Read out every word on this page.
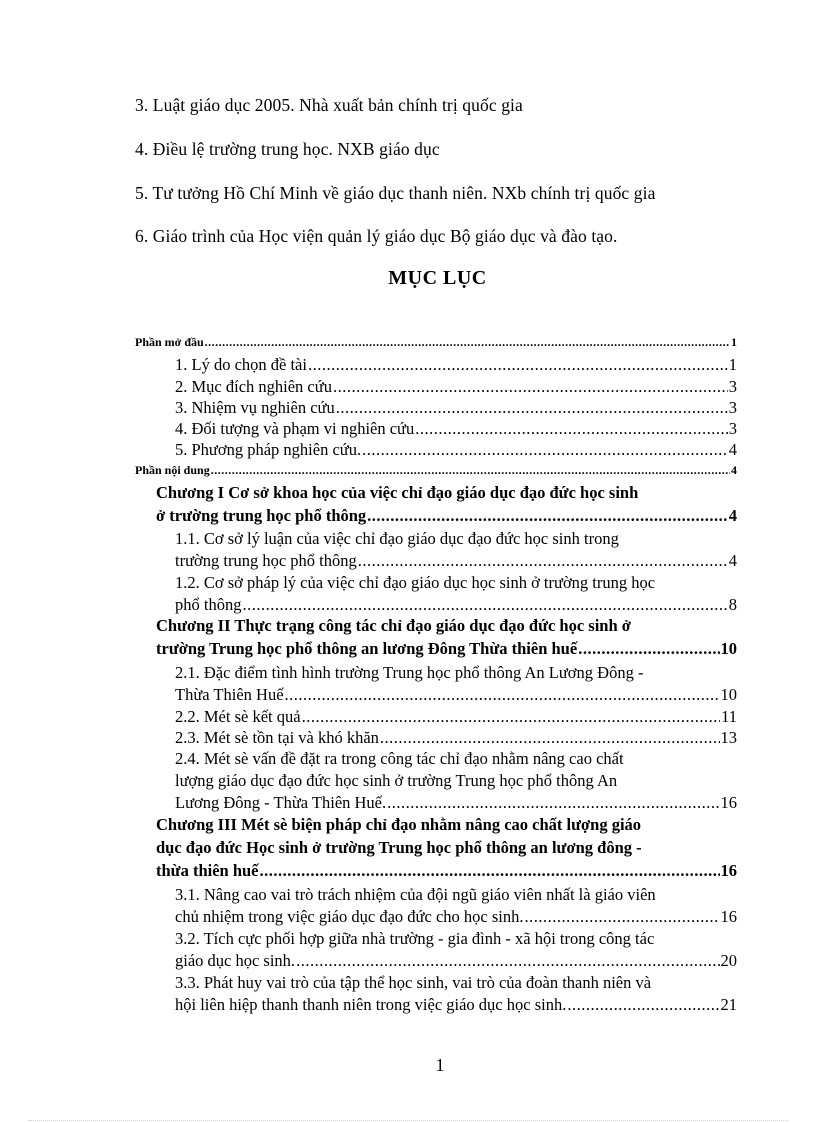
3. Luật giáo dục 2005. Nhà xuất bản chính trị quốc gia
4. Điều lệ trường trung học. NXB giáo dục
5. Tư tưởng Hồ Chí Minh về giáo dục thanh niên. NXb chính trị quốc gia
6. Giáo trình của Học viện quản lý giáo dục Bộ giáo dục và đào tạo.
MỤC LỤC
Phần mở đầu .....	1
1. Lý do chọn đề tài .....	1
2. Mục đích nghiên cứu .....	3
3. Nhiệm vụ nghiên cứu .....	3
4. Đối tượng và phạm vi nghiên cứu .....	3
5. Phương pháp nghiên cứu. .....	4
Phần nội dung .....	4
Chương I Cơ sở khoa học của việc chỉ đạo giáo dục đạo đức học sinh
ở trường trung học phổ thông .....	4
1.1. Cơ sở lý luận của việc chỉ đạo giáo dục đạo đức học sinh trong
trường trung học phổ thông .....	4
1.2. Cơ sở pháp lý của việc chỉ đạo giáo dục học sinh ở trường trung học
phổ thông .....	8
Chương II Thực trạng công tác chỉ đạo giáo dục đạo đức học sinh ở
trường Trung học phổ thông an lương Đông Thừa thiên huế .....	10
2.1. Đặc điểm tình hình trường Trung học phổ thông An Lương Đông -
Thừa Thiên Huế .....	10
2.2. Mét sè kết quả .....	11
2.3. Mét sè tồn tại và khó khăn .....	13
2.4. Mét sè vấn đề đặt ra trong công tác chỉ đạo nhằm nâng cao chất
lượng giáo dục đạo đức học sinh ở trường Trung học phổ thông An
Lương Đông - Thừa Thiên Huế. .....	16
Chương III Mét sè biện pháp chỉ đạo nhằm nâng cao chất lượng giáo
dục đạo đức Học sinh ở trường Trung học phổ thông an lương đông -
thừa thiên huế .....	16
3.1. Nâng cao vai trò trách nhiệm của đội ngũ giáo viên nhất là giáo viên
chủ nhiệm trong việc giáo dục đạo đức cho học sinh. .....	16
3.2. Tích cực phối hợp giữa nhà trường - gia đình - xã hội trong công tác
giáo dục học sinh. .....	20
3.3. Phát huy vai trò của tập thể học sinh, vai trò của đoàn thanh niên và
hội liên hiệp thanh thanh niên trong việc giáo dục học sinh. .....	21
1
